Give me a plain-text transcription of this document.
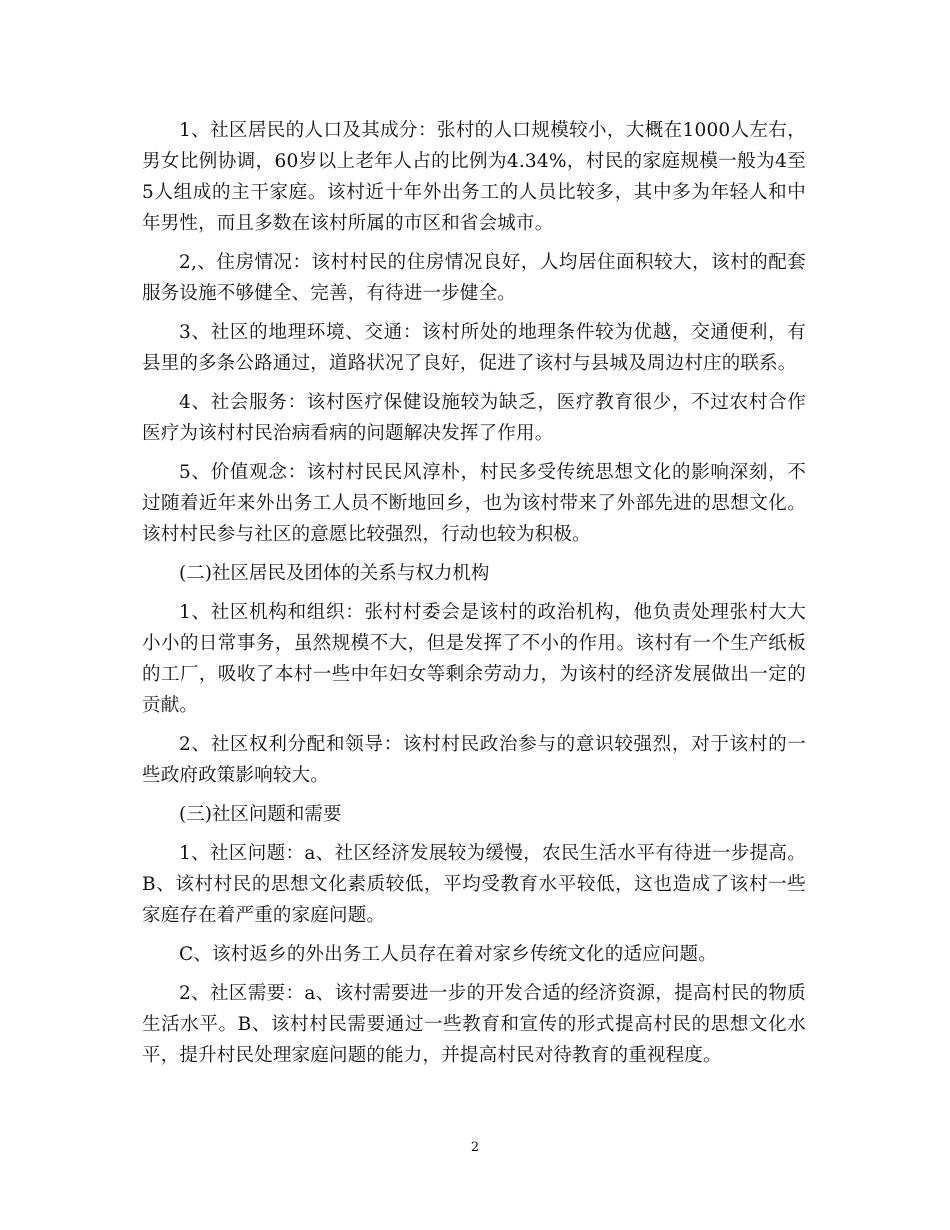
1、社区居民的人口及其成分：张村的人口规模较小，大概在1000人左右，男女比例协调，60岁以上老年人占的比例为4.34%，村民的家庭规模一般为4至5人组成的主干家庭。该村近十年外出务工的人员比较多，其中多为年轻人和中年男性，而且多数在该村所属的市区和省会城市。

2,、住房情况：该村村民的住房情况良好，人均居住面积较大，该村的配套服务设施不够健全、完善，有待进一步健全。

3、社区的地理环境、交通：该村所处的地理条件较为优越，交通便利，有县里的多条公路通过，道路状况了良好，促进了该村与县城及周边村庄的联系。

4、社会服务：该村医疗保健设施较为缺乏，医疗教育很少，不过农村合作医疗为该村村民治病看病的问题解决发挥了作用。

5、价值观念：该村村民民风淳朴，村民多受传统思想文化的影响深刻，不过随着近年来外出务工人员不断地回乡，也为该村带来了外部先进的思想文化。该村村民参与社区的意愿比较强烈，行动也较为积极。

(二)社区居民及团体的关系与权力机构

1、社区机构和组织：张村村委会是该村的政治机构，他负责处理张村大大小小的日常事务，虽然规模不大，但是发挥了不小的作用。该村有一个生产纸板的工厂，吸收了本村一些中年妇女等剩余劳动力，为该村的经济发展做出一定的贡献。

2、社区权利分配和领导：该村村民政治参与的意识较强烈，对于该村的一些政府政策影响较大。

(三)社区问题和需要

1、社区问题：a、社区经济发展较为缓慢，农民生活水平有待进一步提高。B、该村村民的思想文化素质较低，平均受教育水平较低，这也造成了该村一些家庭存在着严重的家庭问题。

C、该村返乡的外出务工人员存在着对家乡传统文化的适应问题。

2、社区需要：a、该村需要进一步的开发合适的经济资源，提高村民的物质生活水平。B、该村村民需要通过一些教育和宣传的形式提高村民的思想文化水平，提升村民处理家庭问题的能力，并提高村民对待教育的重视程度。

2
